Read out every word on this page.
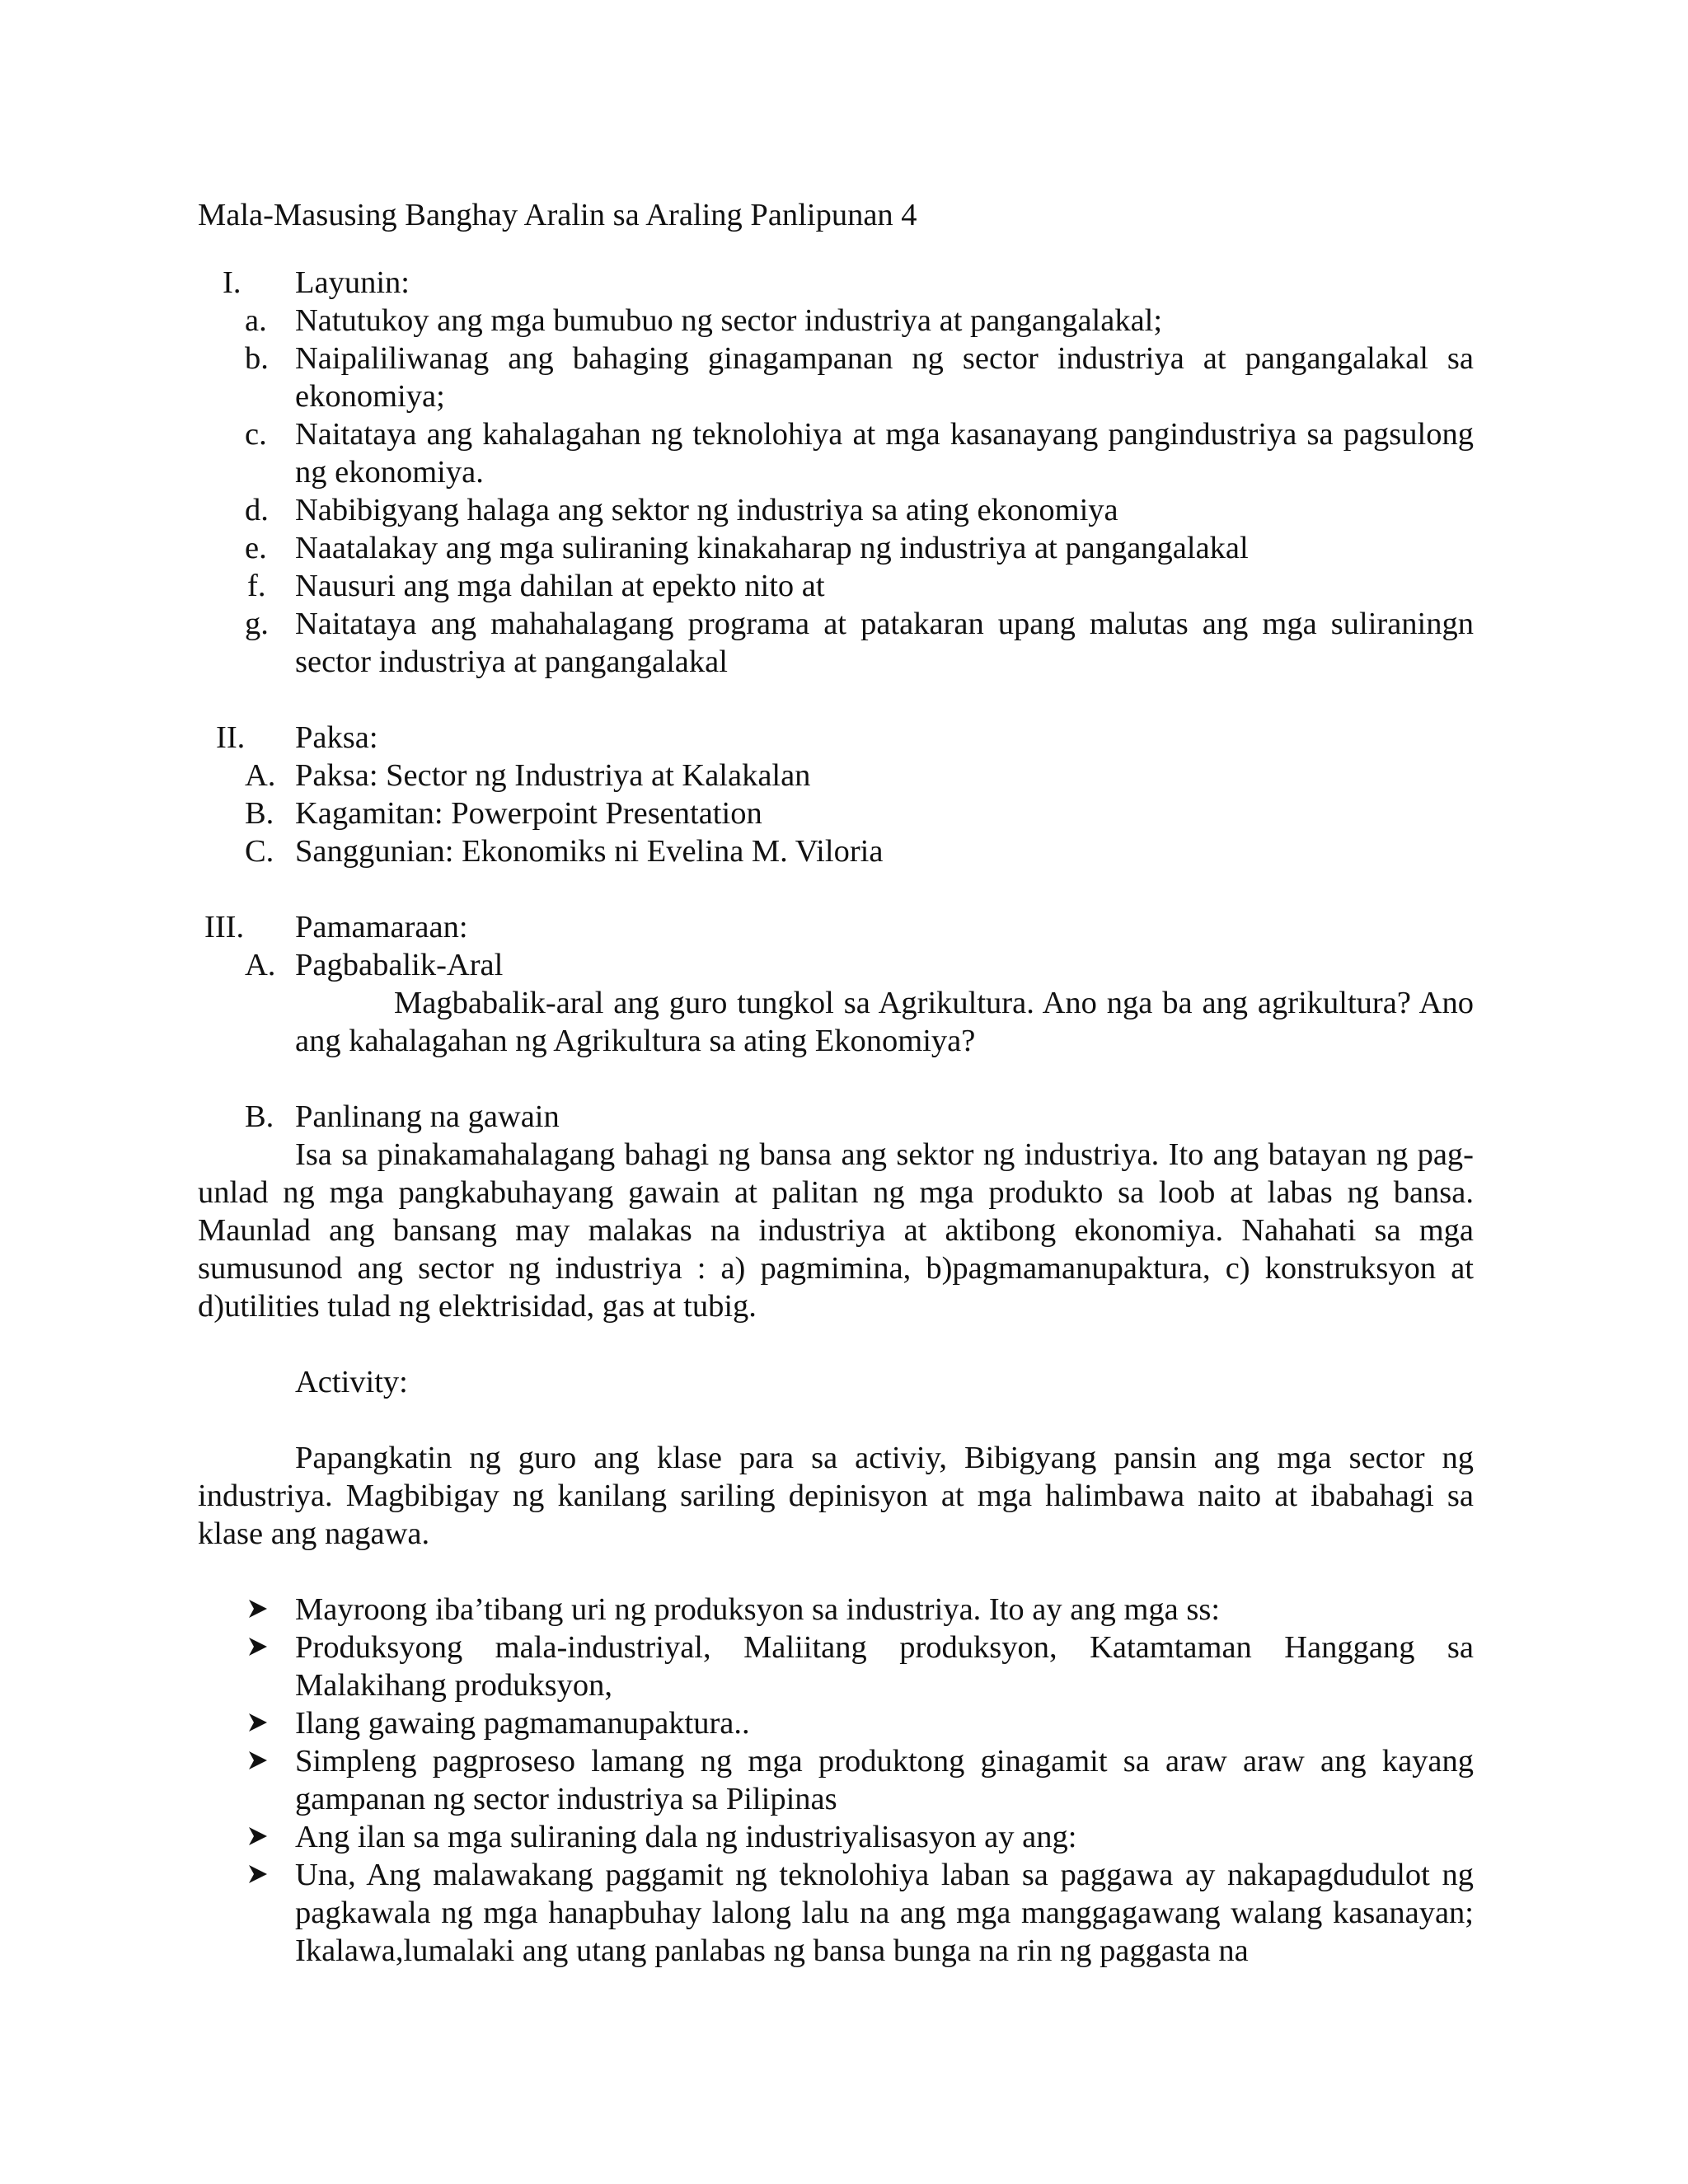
Mala-Masusing Banghay Aralin sa Araling Panlipunan 4
I. Layunin:
a. Natutukoy ang mga bumubuo ng sector industriya at pangangalakal;
b. Naipaliliwanag ang bahaging ginagampanan ng sector industriya at pangangalakal sa ekonomiya;
c. Naitataya ang kahalagahan ng teknolohiya at mga kasanayang pangindustriya sa pagsulong ng ekonomiya.
d. Nabibigyang halaga ang sektor ng industriya sa ating ekonomiya
e. Naatalakay ang mga suliraning kinakaharap ng industriya at pangangalakal
f. Nausuri ang mga dahilan at epekto nito at
g. Naitataya ang mahahalagang programa at patakaran upang malutas ang mga suliraningn sector industriya at pangangalakal
II. Paksa:
A. Paksa: Sector ng Industriya at Kalakalan
B. Kagamitan: Powerpoint Presentation
C. Sanggunian: Ekonomiks ni Evelina M. Viloria
III. Pamamaraan:
A. Pagbabalik-Aral
Magbabalik-aral ang guro tungkol sa Agrikultura. Ano nga ba ang agrikultura? Ano ang kahalagahan ng Agrikultura sa ating Ekonomiya?
B. Panlinang na gawain
Isa sa pinakamahalagang bahagi ng bansa ang sektor ng industriya. Ito ang batayan ng pag-unlad ng mga pangkabuhayang gawain at palitan ng mga produkto sa loob at labas ng bansa. Maunlad ang bansang may malakas na industriya at aktibong ekonomiya. Nahahati sa mga sumusunod ang sector ng industriya : a) pagmimina, b)pagmamanupaktura, c) konstruksyon at d)utilities tulad ng elektrisidad, gas at tubig.
Activity:
Papangkatin ng guro ang klase para sa activiy, Bibigyang pansin ang mga sector ng industriya. Magbibigay ng kanilang sariling depinisyon at mga halimbawa naito at ibabahagi sa klase ang nagawa.
Mayroong iba’tibang uri ng produksyon sa industriya. Ito ay ang mga ss:
Produksyong mala-industriyal, Maliitang produksyon, Katamtaman Hanggang sa Malakihang produksyon,
Ilang gawaing pagmamanupaktura..
Simpleng pagproseso lamang ng mga produktong ginagamit sa araw araw ang kayang gampanan ng sector industriya sa Pilipinas
Ang ilan sa mga suliraning dala ng industriyalisasyon ay ang:
Una, Ang malawakang paggamit ng teknolohiya laban sa paggawa ay nakapagdudulot ng pagkawala ng mga hanapbuhay lalong lalu na ang mga manggagawang walang kasanayan; Ikalawa,lumalaki ang utang panlabas ng bansa bunga na rin ng paggasta na
